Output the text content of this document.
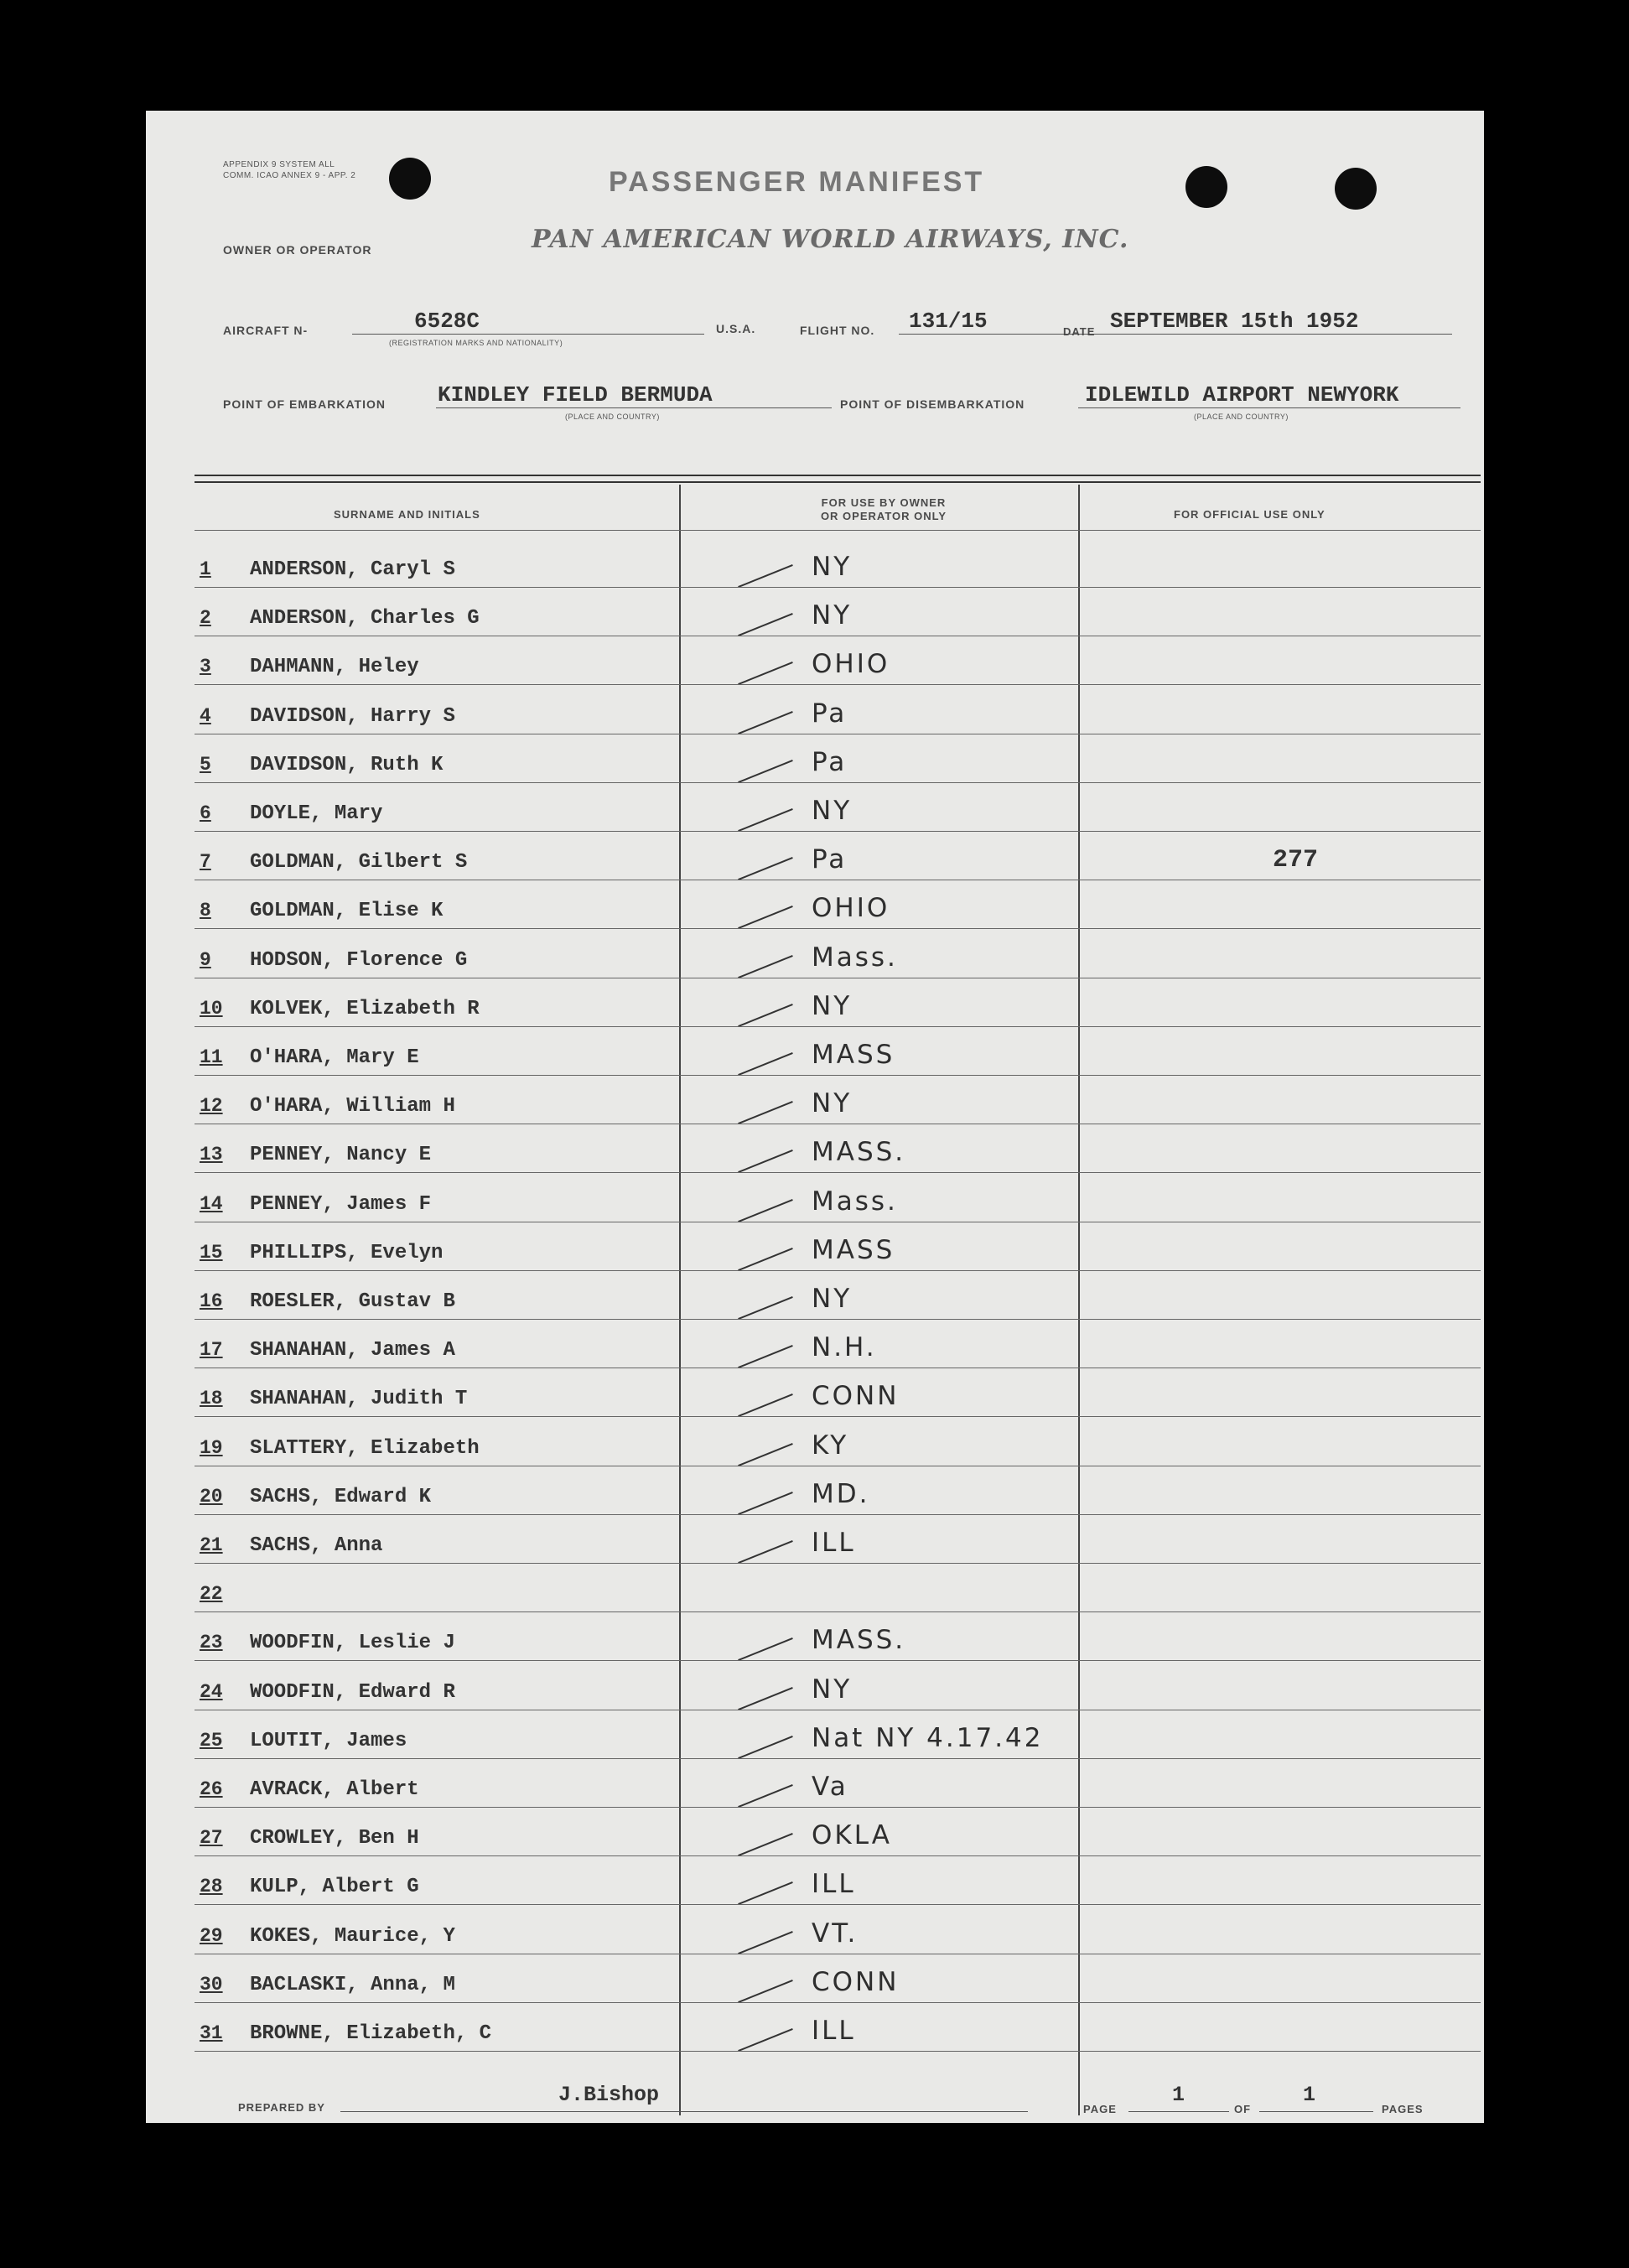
APPENDIX 9 SYSTEM ALL COMM. ICAO ANNEX 9 - APP. 2	PASSENGER MANIFEST
OWNER OR OPERATOR	PAN AMERICAN WORLD AIRWAYS, INC.
AIRCRAFT N-	6528C
(REGISTRATION MARKS AND NATIONALITY)
U.S.A.	FLIGHT NO. 131/15	DATE SEPTEMBER 15th 1952
POINT OF EMBARKATION KINDLEY FIELD BERMUDA
(PLACE AND COUNTRY)
POINT OF DISEMBARKATION	IDLEWILD AIRPORT NEWYORK
(PLACE AND COUNTRY)
SURNAME AND INITIALS
FOR USE BY OWNER
OR OPERATOR ONLY	FOR OFFICIAL USE ONLY
1	ANDERSON, Caryl S	NY
2	ANDERSON, Charles G	NY
3	DAHMANN, Heley	OHIO
4	DAVIDSON, Harry S	Pa
5	DAVIDSON, Ruth K	Pa
6	DOYLE, Mary	NY
7	GOLDMAN, Gilbert S	Pa	277
8	GOLDMAN, Elise K	OHIO
9	HODSON, Florence G	Mass.
10	KOLVEK, Elizabeth R	NY
11	O'HARA, Mary E	MASS
12	O'HARA, William H	NY
13	PENNEY, Nancy E	MASS.
14	PENNEY, James F	Mass.
15	PHILLIPS, Evelyn	MASS
16	ROESLER, Gustav B	NY
17	SHANAHAN, James A	N.H.
18	SHANAHAN, Judith T	CONN
19	SLATTERY, Elizabeth	KY
20	SACHS, Edward K	MD.
21	SACHS, Anna	ILL
22
23	WOODFIN, Leslie J	MASS.
24	WOODFIN, Edward R	NY
25	LOUTIT, James	Nat NY 4.17.42
26	AVRACK, Albert	Va
27	CROWLEY, Ben H	OKLA
28	KULP, Albert G	ILL
29	KOKES, Maurice, Y	VT.
30	BACLASKI, Anna, M	CONN
31	BROWNE, Elizabeth, C	ILL
PREPARED BY
J.Bishop
PAGE
1
OF
1
PAGES
